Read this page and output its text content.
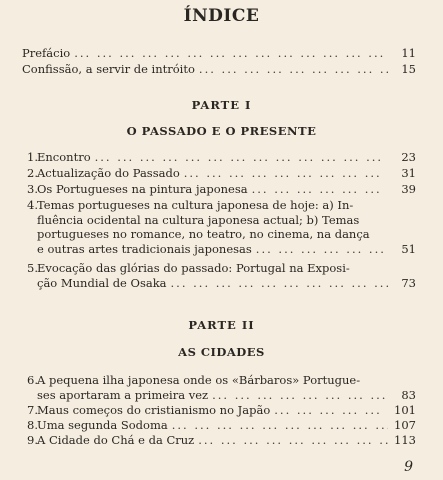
ÍNDICE
Prefácio ... .	11
Confissão, a servir de intróito ... .	15
PARTE I
O PASSADO E O PRESENTE
1. Encontro ... .	23
2. Actualização do Passado ... .	31
3. Os Portugueses na pintura japonesa ... .	39
4. Temas portugueses na cultura japonesa de hoje: a) In-
fluência ocidental na cultura japonesa actual; b) Temas
portugueses no romance, no teatro, no cinema, na dança
e outras artes tradicionais japonesas ... .	51
5. Evocação das glórias do passado: Portugal na Exposi-
ção Mundial de Osaka ... .	73
PARTE II
AS CIDADES
6. A pequena ilha japonesa onde os «Bárbaros» Portugue-
ses aportaram a primeira vez ... .	83
7. Maus começos do cristianismo no Japão ... .	101
8. Uma segunda Sodoma ... .	107
9. A Cidade do Chá e da Cruz ... .	113
9
